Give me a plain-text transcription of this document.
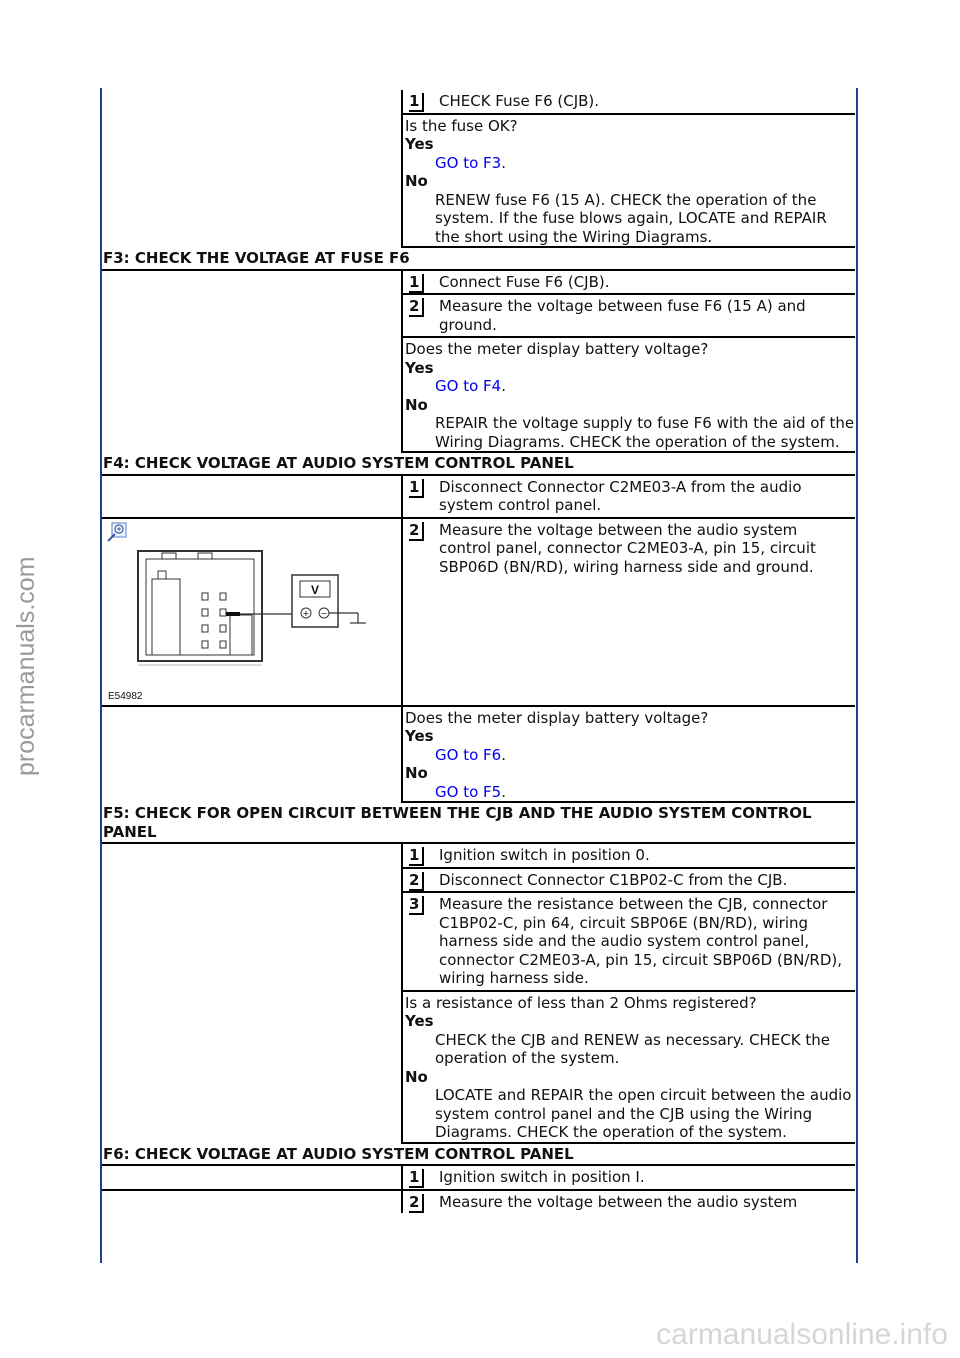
procarmanuals.com

	1 CHECK Fuse F6 (CJB).

	Is the fuse OK?
Yes
GO to F3.
No
RENEW fuse F6 (15 A). CHECK the operation of the system. If the fuse blows again, LOCATE and REPAIR the short using the Wiring Diagrams.

F3: CHECK THE VOLTAGE AT FUSE F6	

	1 Connect Fuse F6 (CJB).

	2 Measure the voltage between fuse F6 (15 A) and ground.

	Does the meter display battery voltage?
Yes
GO to F4.
No
REPAIR the voltage supply to fuse F6 with the aid of the Wiring Diagrams. CHECK the operation of the system.

F4: CHECK VOLTAGE AT AUDIO SYSTEM CONTROL PANEL	

	1 Disconnect Connector C2ME03-A from the audio system control panel.

V
+ −
E54982	2 Measure the voltage between the audio system control panel, connector C2ME03-A, pin 15, circuit SBP06D (BN/RD), wiring harness side and ground.

	Does the meter display battery voltage?
Yes
GO to F6.
No
GO to F5.

F5: CHECK FOR OPEN CIRCUIT BETWEEN THE CJB AND THE AUDIO SYSTEM CONTROL PANEL	

	1 Ignition switch in position 0.

	2 Disconnect Connector C1BP02-C from the CJB.

	3 Measure the resistance between the CJB, connector C1BP02-C, pin 64, circuit SBP06E (BN/RD), wiring harness side and the audio system control panel, connector C2ME03-A, pin 15, circuit SBP06D (BN/RD), wiring harness side.

	Is a resistance of less than 2 Ohms registered?
Yes
CHECK the CJB and RENEW as necessary. CHECK the operation of the system.
No
LOCATE and REPAIR the open circuit between the audio system control panel and the CJB using the Wiring Diagrams. CHECK the operation of the system.

F6: CHECK VOLTAGE AT AUDIO SYSTEM CONTROL PANEL	

	1 Ignition switch in position I.

	2 Measure the voltage between the audio system
carmanualsonline.info
